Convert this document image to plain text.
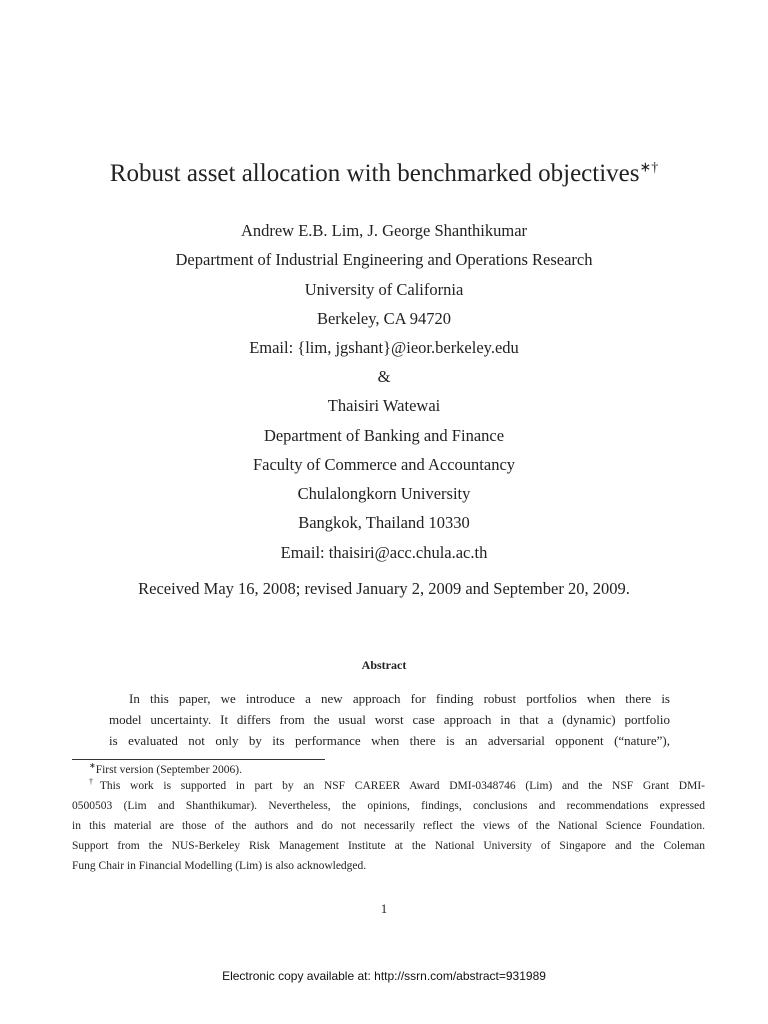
Robust asset allocation with benchmarked objectives∗†
Andrew E.B. Lim, J. George Shanthikumar
Department of Industrial Engineering and Operations Research
University of California
Berkeley, CA 94720
Email: {lim, jgshant}@ieor.berkeley.edu
&
Thaisiri Watewai
Department of Banking and Finance
Faculty of Commerce and Accountancy
Chulalongkorn University
Bangkok, Thailand 10330
Email: thaisiri@acc.chula.ac.th
Received May 16, 2008; revised January 2, 2009 and September 20, 2009.
Abstract
In this paper, we introduce a new approach for finding robust portfolios when there is
model uncertainty. It differs from the usual worst case approach in that a (dynamic) portfolio
is evaluated not only by its performance when there is an adversarial opponent (“nature”),
∗First version (September 2006).
†This work is supported in part by an NSF CAREER Award DMI-0348746 (Lim) and the NSF Grant DMI-
0500503 (Lim and Shanthikumar). Nevertheless, the opinions, findings, conclusions and recommendations expressed
in this material are those of the authors and do not necessarily reflect the views of the National Science Foundation.
Support from the NUS-Berkeley Risk Management Institute at the National University of Singapore and the Coleman
Fung Chair in Financial Modelling (Lim) is also acknowledged.
1
Electronic copy available at: http://ssrn.com/abstract=931989
